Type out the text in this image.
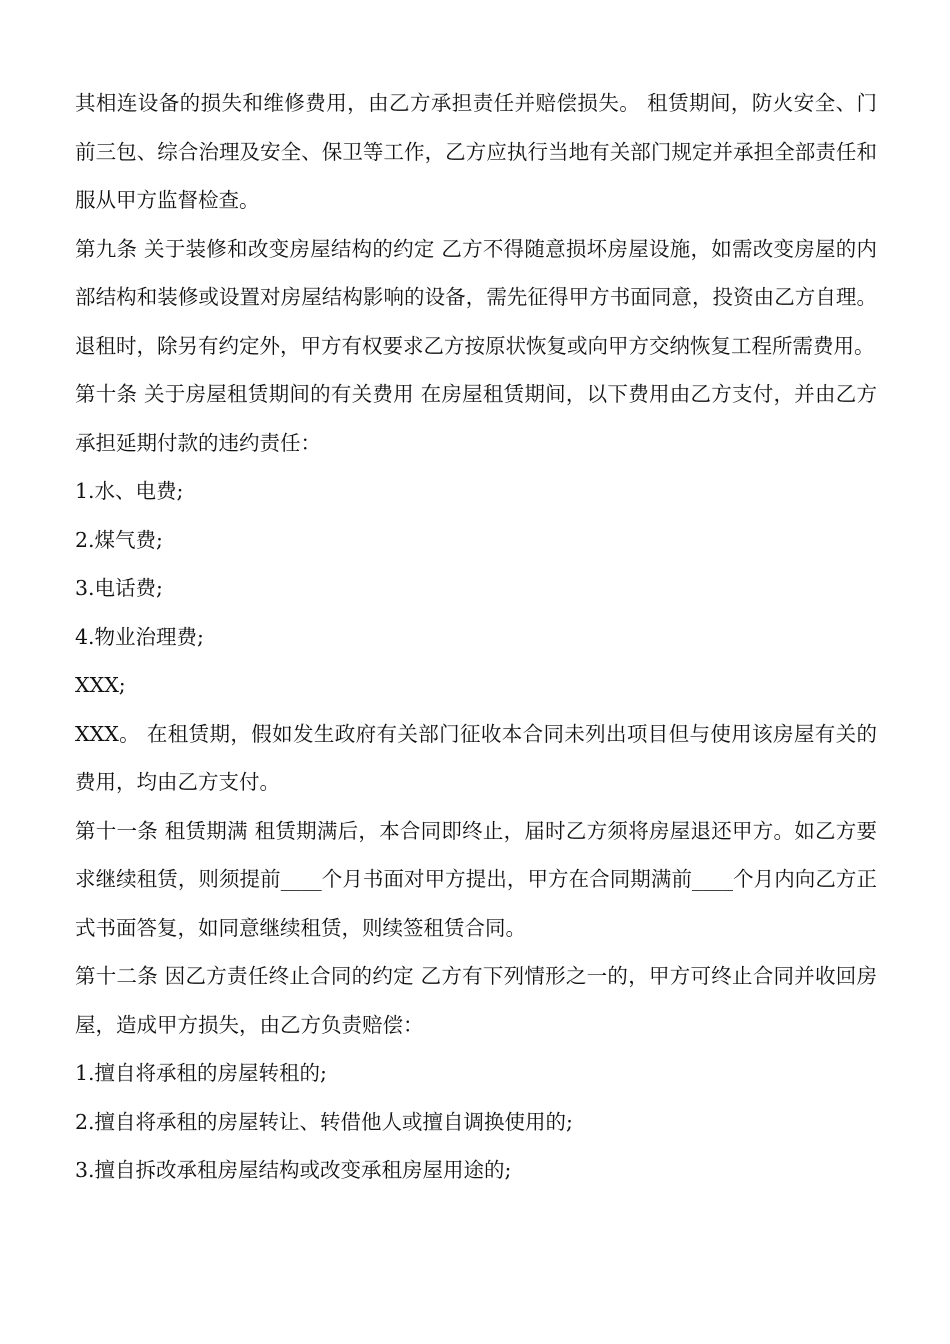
其相连设备的损失和维修费用，由乙方承担责任并赔偿损失。 租赁期间，防火安全、门前三包、综合治理及安全、保卫等工作，乙方应执行当地有关部门规定并承担全部责任和服从甲方监督检查。

第九条 关于装修和改变房屋结构的约定 乙方不得随意损坏房屋设施，如需改变房屋的内部结构和装修或设置对房屋结构影响的设备，需先征得甲方书面同意，投资由乙方自理。退租时，除另有约定外，甲方有权要求乙方按原状恢复或向甲方交纳恢复工程所需费用。

第十条 关于房屋租赁期间的有关费用 在房屋租赁期间，以下费用由乙方支付，并由乙方承担延期付款的违约责任：

1.水、电费;

2.煤气费;

3.电话费;

4.物业治理费;

XXX;

XXX。 在租赁期，假如发生政府有关部门征收本合同未列出项目但与使用该房屋有关的费用，均由乙方支付。

第十一条 租赁期满 租赁期满后，本合同即终止，届时乙方须将房屋退还甲方。如乙方要求继续租赁，则须提前____个月书面对甲方提出，甲方在合同期满前____个月内向乙方正式书面答复，如同意继续租赁，则续签租赁合同。

第十二条 因乙方责任终止合同的约定 乙方有下列情形之一的，甲方可终止合同并收回房屋，造成甲方损失，由乙方负责赔偿：

1.擅自将承租的房屋转租的;

2.擅自将承租的房屋转让、转借他人或擅自调换使用的;

3.擅自拆改承租房屋结构或改变承租房屋用途的;
